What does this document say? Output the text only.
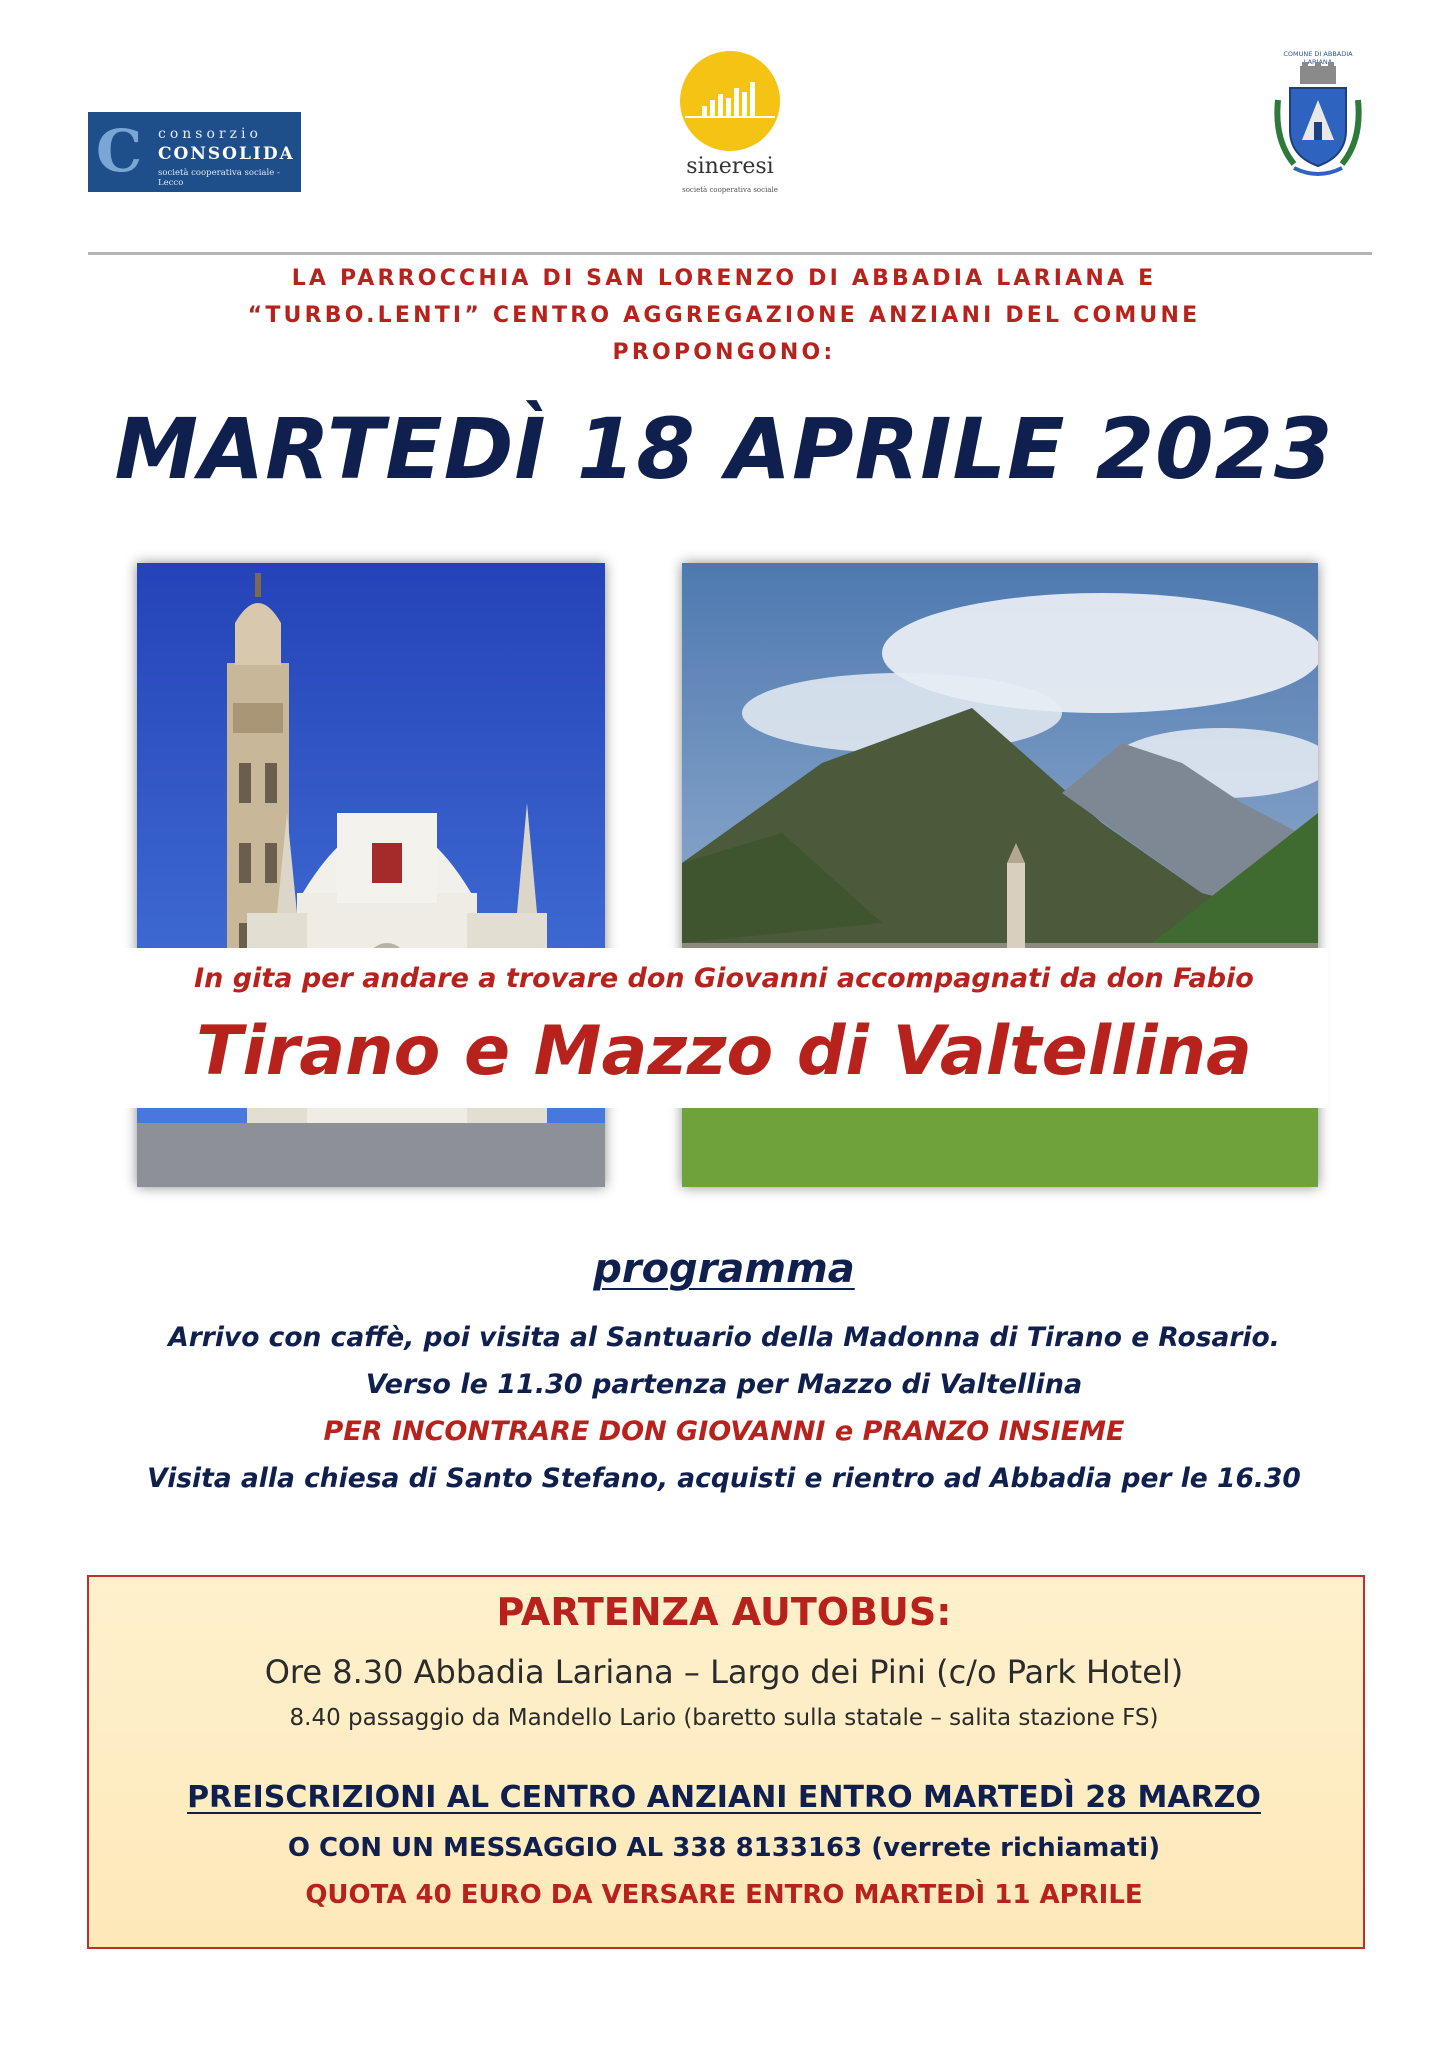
C consorzio
CONSOLIDA
società cooperativa sociale - Lecco
sineresi
società cooperativa sociale
COMUNE DI ABBADIA
LA PARROCCHIA DI SAN LORENZO DI ABBADIA LARIANA E
“TURBO.LENTI” CENTRO AGGREGAZIONE ANZIANI DEL COMUNE
PROPONGONO:
MARTEDÌ 18 APRILE 2023
In gita per andare a trovare don Giovanni accompagnati da don Fabio
Tirano e Mazzo di Valtellina
programma
Arrivo con caffè, poi visita al Santuario della Madonna di Tirano e Rosario.
Verso le 11.30 partenza per Mazzo di Valtellina
PER INCONTRARE DON GIOVANNI e PRANZO INSIEME
Visita alla chiesa di Santo Stefano, acquisti e rientro ad Abbadia per le 16.30
PARTENZA AUTOBUS:
Ore 8.30 Abbadia Lariana – Largo dei Pini (c/o Park Hotel)
8.40 passaggio da Mandello Lario (baretto sulla statale – salita stazione FS)
PREISCRIZIONI AL CENTRO ANZIANI ENTRO MARTEDÌ 28 MARZO
O CON UN MESSAGGIO AL 338 8133163 (verrete richiamati)
QUOTA 40 EURO DA VERSARE ENTRO MARTEDÌ 11 APRILE
